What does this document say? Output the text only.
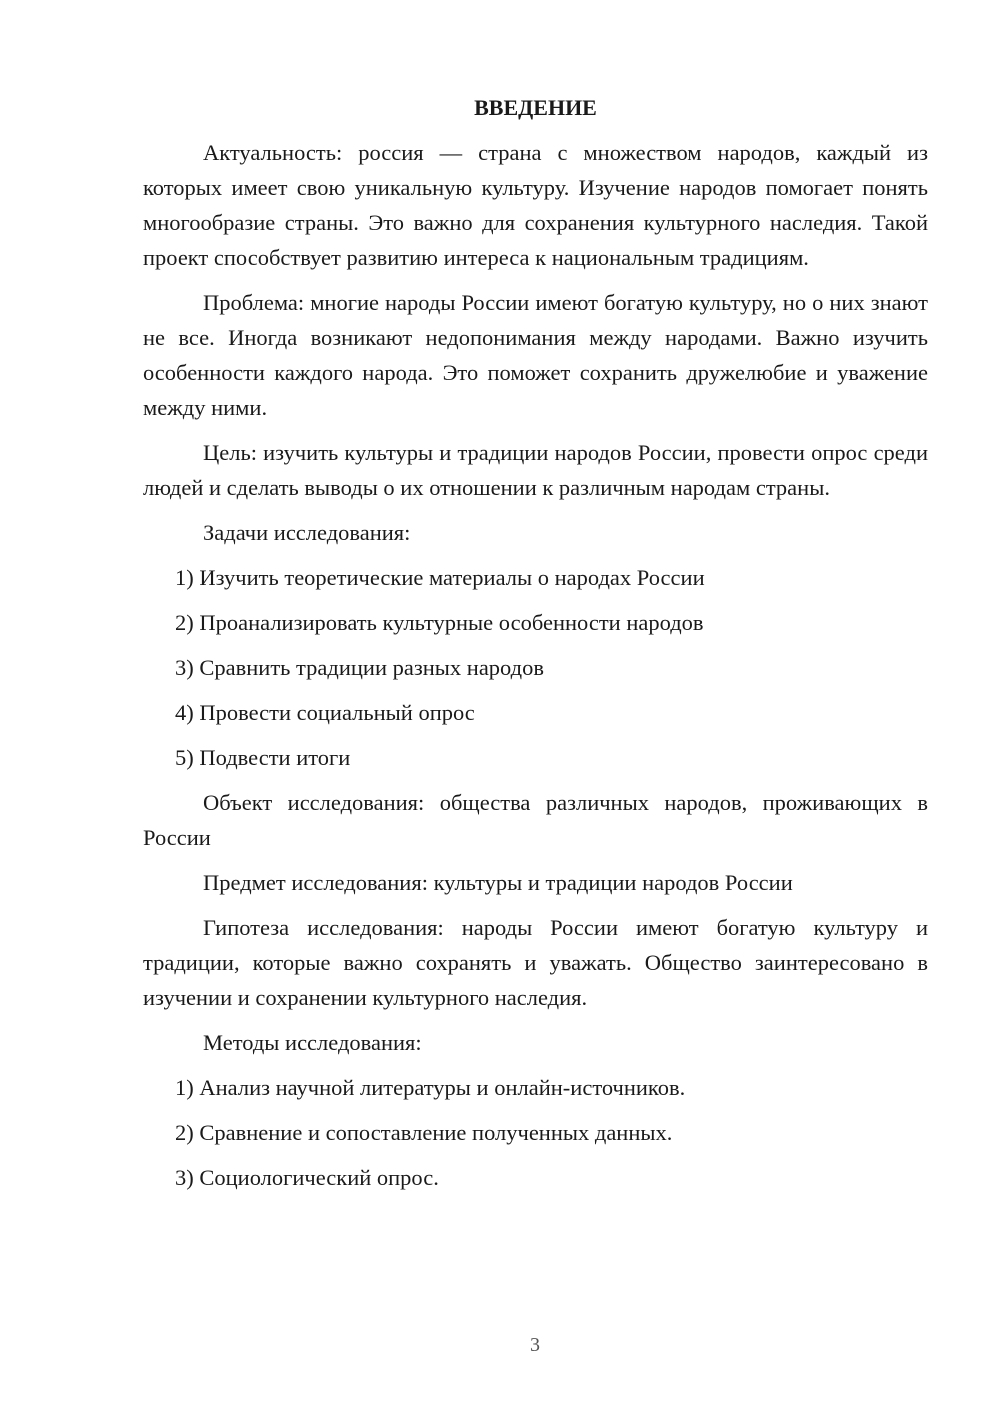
ВВЕДЕНИЕ

Актуальность: россия — страна с множеством народов, каждый из которых имеет свою уникальную культуру. Изучение народов помогает понять многообразие страны. Это важно для сохранения культурного наследия. Такой проект способствует развитию интереса к национальным традициям.

Проблема: многие народы России имеют богатую культуру, но о них знают не все. Иногда возникают недопонимания между народами. Важно изучить особенности каждого народа. Это поможет сохранить дружелюбие и уважение между ними.

Цель: изучить культуры и традиции народов России, провести опрос среди людей и сделать выводы о их отношении к различным народам страны.

Задачи исследования:

1) Изучить теоретические материалы о народах России
2) Проанализировать культурные особенности народов
3) Сравнить традиции разных народов
4) Провести социальный опрос
5) Подвести итоги

Объект исследования: общества различных народов, проживающих в России

Предмет исследования: культуры и традиции народов России

Гипотеза исследования: народы России имеют богатую культуру и традиции, которые важно сохранять и уважать. Общество заинтересовано в изучении и сохранении культурного наследия.

Методы исследования:

1) Анализ научной литературы и онлайн-источников.
2) Сравнение и сопоставление полученных данных.
3) Социологический опрос.
3
